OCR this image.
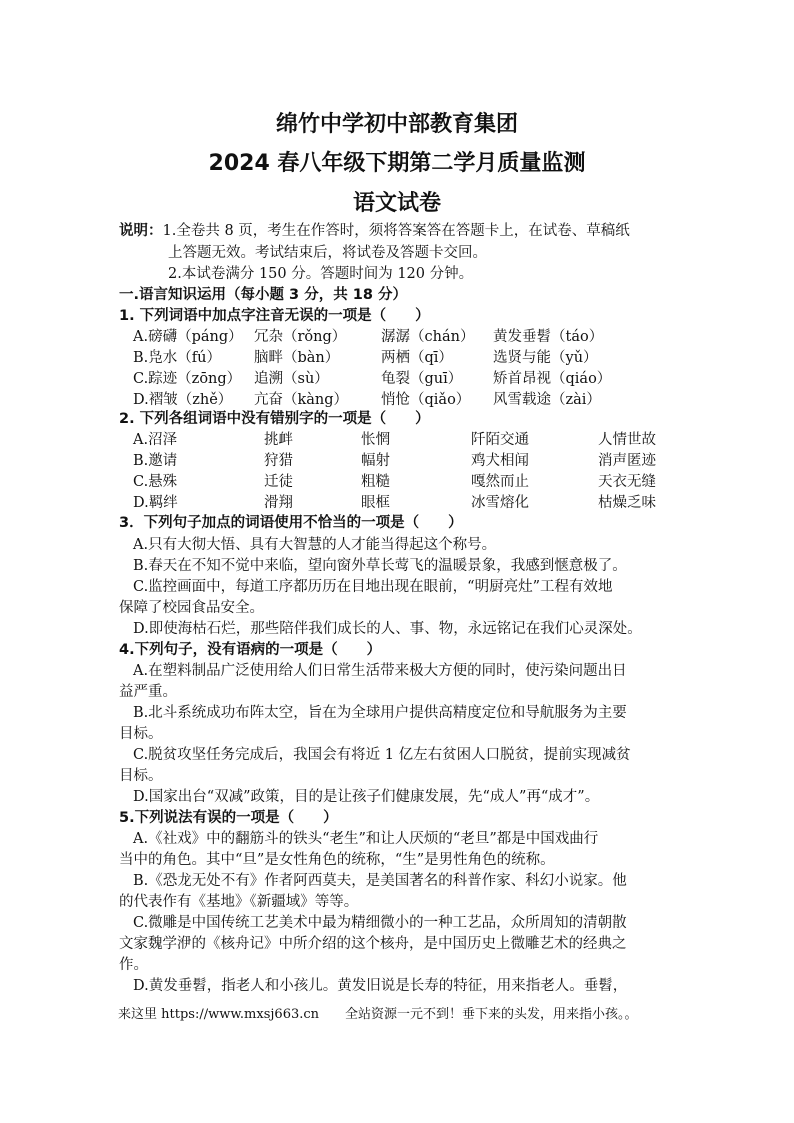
绵竹中学初中部教育集团
2024 春八年级下期第二学月质量监测
语文试卷
说明：1.全卷共 8 页，考生在作答时，须将答案答在答题卡上，在试卷、草稿纸
上答题无效。考试结束后，将试卷及答题卡交回。
2.本试卷满分 150 分。答题时间为 120 分钟。
一.语言知识运用（每小题 3 分，共 18 分）
1. 下列词语中加点字注音无误的一项是（　　）
A.磅礴（páng） 冗杂（rǒng） 潺潺（chán） 黄发垂髫（táo）
B.凫水（fú） 脑畔（bàn）	两栖（qī）	选贤与能（yǔ）
C.踪迹（zōng） 追溯（sù）	龟裂（guī） 矫首昂视（qiáo）
D.褶皱（zhě） 亢奋（kàng） 悄怆（qiǎo） 风雪载途（zài）
2. 下列各组词语中没有错别字的一项是（　　）
A.沼泽	挑衅	怅惘	阡陌交通	人情世故
B.邀请	狩猎	幅射	鸡犬相闻	消声匿迹
C.悬殊	迁徒	粗糙	嘎然而止	天衣无缝
D.羁绊	滑翔	眼框	冰雪熔化	枯燥乏味
3．下列句子加点的词语使用不恰当的一项是（　　）
A.只有大彻大悟、具有大智慧的人才能当得起这个称号。
B.春天在不知不觉中来临，望向窗外草长莺飞的温暖景象，我感到惬意极了。
C.监控画面中，每道工序都历历在目地出现在眼前，“明厨亮灶”工程有效地
保障了校园食品安全。
D.即使海枯石烂，那些陪伴我们成长的人、事、物，永远铭记在我们心灵深处。
4.下列句子，没有语病的一项是（　　）
A.在塑料制品广泛使用给人们日常生活带来极大方便的同时，使污染问题出日
益严重。
B.北斗系统成功布阵太空，旨在为全球用户提供高精度定位和导航服务为主要
目标。
C.脱贫攻坚任务完成后，我国会有将近 1 亿左右贫困人口脱贫，提前实现减贫
目标。
D.国家出台“双减”政策，目的是让孩子们健康发展，先“成人”再“成才”。
5.下列说法有误的一项是（　　）
A.《社戏》中的翻筋斗的铁头“老生”和让人厌烦的“老旦”都是中国戏曲行
当中的角色。其中“旦”是女性角色的统称，“生”是男性角色的统称。
B.《恐龙无处不有》作者阿西莫夫，是美国著名的科普作家、科幻小说家。他
的代表作有《基地》《新疆域》等等。
C.微雕是中国传统工艺美术中最为精细微小的一种工艺品，众所周知的清朝散
文家魏学洢的《核舟记》中所介绍的这个核舟，是中国历史上微雕艺术的经典之
作。
D.黄发垂髫，指老人和小孩儿。黄发旧说是长寿的特征，用来指老人。垂髫，
来这里 https://www.mxsj663.cn　　全站资源一元不到！垂下来的头发，用来指小孩。。
